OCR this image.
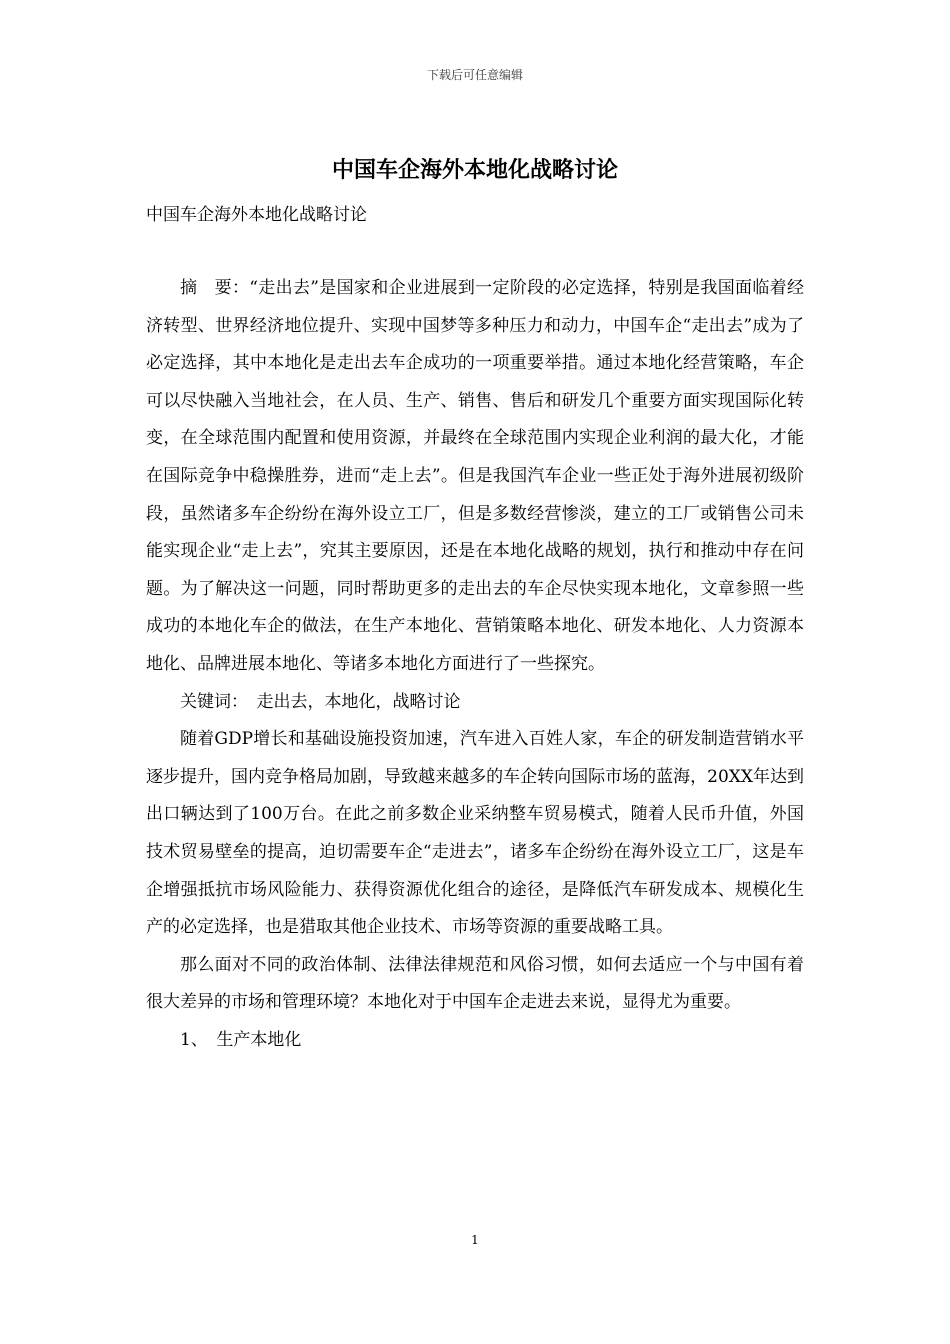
下载后可任意编辑
中国车企海外本地化战略讨论
中国车企海外本地化战略讨论

摘　要：“走出去”是国家和企业进展到一定阶段的必定选择，特别是我国面临着经济转型、世界经济地位提升、实现中国梦等多种压力和动力，中国车企“走出去”成为了必定选择，其中本地化是走出去车企成功的一项重要举措。通过本地化经营策略，车企可以尽快融入当地社会，在人员、生产、销售、售后和研发几个重要方面实现国际化转变，在全球范围内配置和使用资源，并最终在全球范围内实现企业利润的最大化，才能在国际竞争中稳操胜券，进而“走上去”。但是我国汽车企业一些正处于海外进展初级阶段，虽然诸多车企纷纷在海外设立工厂，但是多数经营惨淡，建立的工厂或销售公司未能实现企业“走上去”，究其主要原因，还是在本地化战略的规划，执行和推动中存在问题。为了解决这一问题，同时帮助更多的走出去的车企尽快实现本地化，文章参照一些成功的本地化车企的做法，在生产本地化、营销策略本地化、研发本地化、人力资源本地化、品牌进展本地化、等诸多本地化方面进行了一些探究。

关键词：　走出去，本地化，战略讨论

随着GDP增长和基础设施投资加速，汽车进入百姓人家，车企的研发制造营销水平逐步提升，国内竞争格局加剧，导致越来越多的车企转向国际市场的蓝海，20XX年达到出口辆达到了100万台。在此之前多数企业采纳整车贸易模式，随着人民币升值，外国技术贸易壁垒的提高，迫切需要车企“走进去”，诸多车企纷纷在海外设立工厂，这是车企增强抵抗市场风险能力、获得资源优化组合的途径，是降低汽车研发成本、规模化生产的必定选择，也是猎取其他企业技术、市场等资源的重要战略工具。

那么面对不同的政治体制、法律法律规范和风俗习惯，如何去适应一个与中国有着很大差异的市场和管理环境？本地化对于中国车企走进去来说，显得尤为重要。

1、　生产本地化

1
